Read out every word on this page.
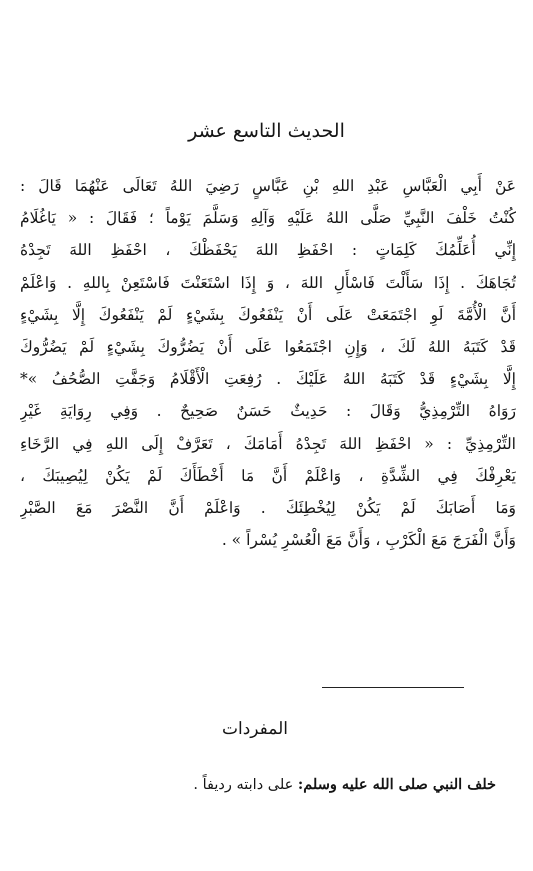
الحديث التاسع عشر
عَنْ أَبِي الْعَبَّاسِ عَبْدِ اللهِ بْنِ عَبَّاسٍ رَضِيَ اللهُ تَعَالَى عَنْهُمَا قَالَ :
كُنْتُ خَلْفَ النَّبِيِّ صَلَّى اللهُ عَلَيْهِ وَآلِهِ وَسَلَّمَ يَوْماً ؛ فَقَالَ : « يَاغُلَامُ
إِنِّي أُعَلِّمُكَ كَلِمَاتٍ : احْفَظِ اللهَ يَحْفَظْكَ ، احْفَظِ اللهَ تَجِدْهُ
تُجَاهَكَ . إِذَا سَأَلْتَ فَاسْأَلِ اللهَ ، وَ إِذَا اسْتَعَنْتَ فَاسْتَعِنْ بِاللهِ . وَاعْلَمْ
أَنَّ الْأُمَّةَ لَوِ اجْتَمَعَتْ عَلَى أَنْ يَنْفَعُوكَ بِشَيْءٍ لَمْ يَنْفَعُوكَ إِلَّا بِشَيْءٍ
قَدْ كَتَبَهُ اللهُ لَكَ ، وَإِنِ اجْتَمَعُوا عَلَى أَنْ يَضُرُّوكَ بِشَيْءٍ لَمْ يَضُرُّوكَ
إِلَّا بِشَيْءٍ قَدْ كَتَبَهُ اللهُ عَلَيْكَ . رُفِعَتِ الْأَقْلَامُ وَجَفَّتِ الصُّحُفُ »*
رَوَاهُ التِّرْمِذِيُّ وَقَالَ : حَدِيثٌ حَسَنٌ صَحِيحٌ . وَفِي رِوَايَةِ غَيْرِ
التِّرْمِذِيِّ : « احْفَظِ اللهَ تَجِدْهُ أَمَامَكَ ، تَعَرَّفْ إِلَى اللهِ فِي الرَّخَاءِ
يَعْرِفْكَ فِي الشِّدَّةِ ، وَاعْلَمْ أَنَّ مَا أَخْطَأَكَ لَمْ يَكُنْ لِيُصِيبَكَ ،
وَمَا أَصَابَكَ لَمْ يَكُنْ لِيُخْطِئَكَ . وَاعْلَمْ أَنَّ النَّصْرَ مَعَ الصَّبْرِ
وَأَنَّ الْفَرَجَ مَعَ الْكَرْبِ ، وَأَنَّ مَعَ الْعُسْرِ يُسْراً » .
المفردات
خلف النبي صلى الله عليه وسلم: على دابته رديفاً .
